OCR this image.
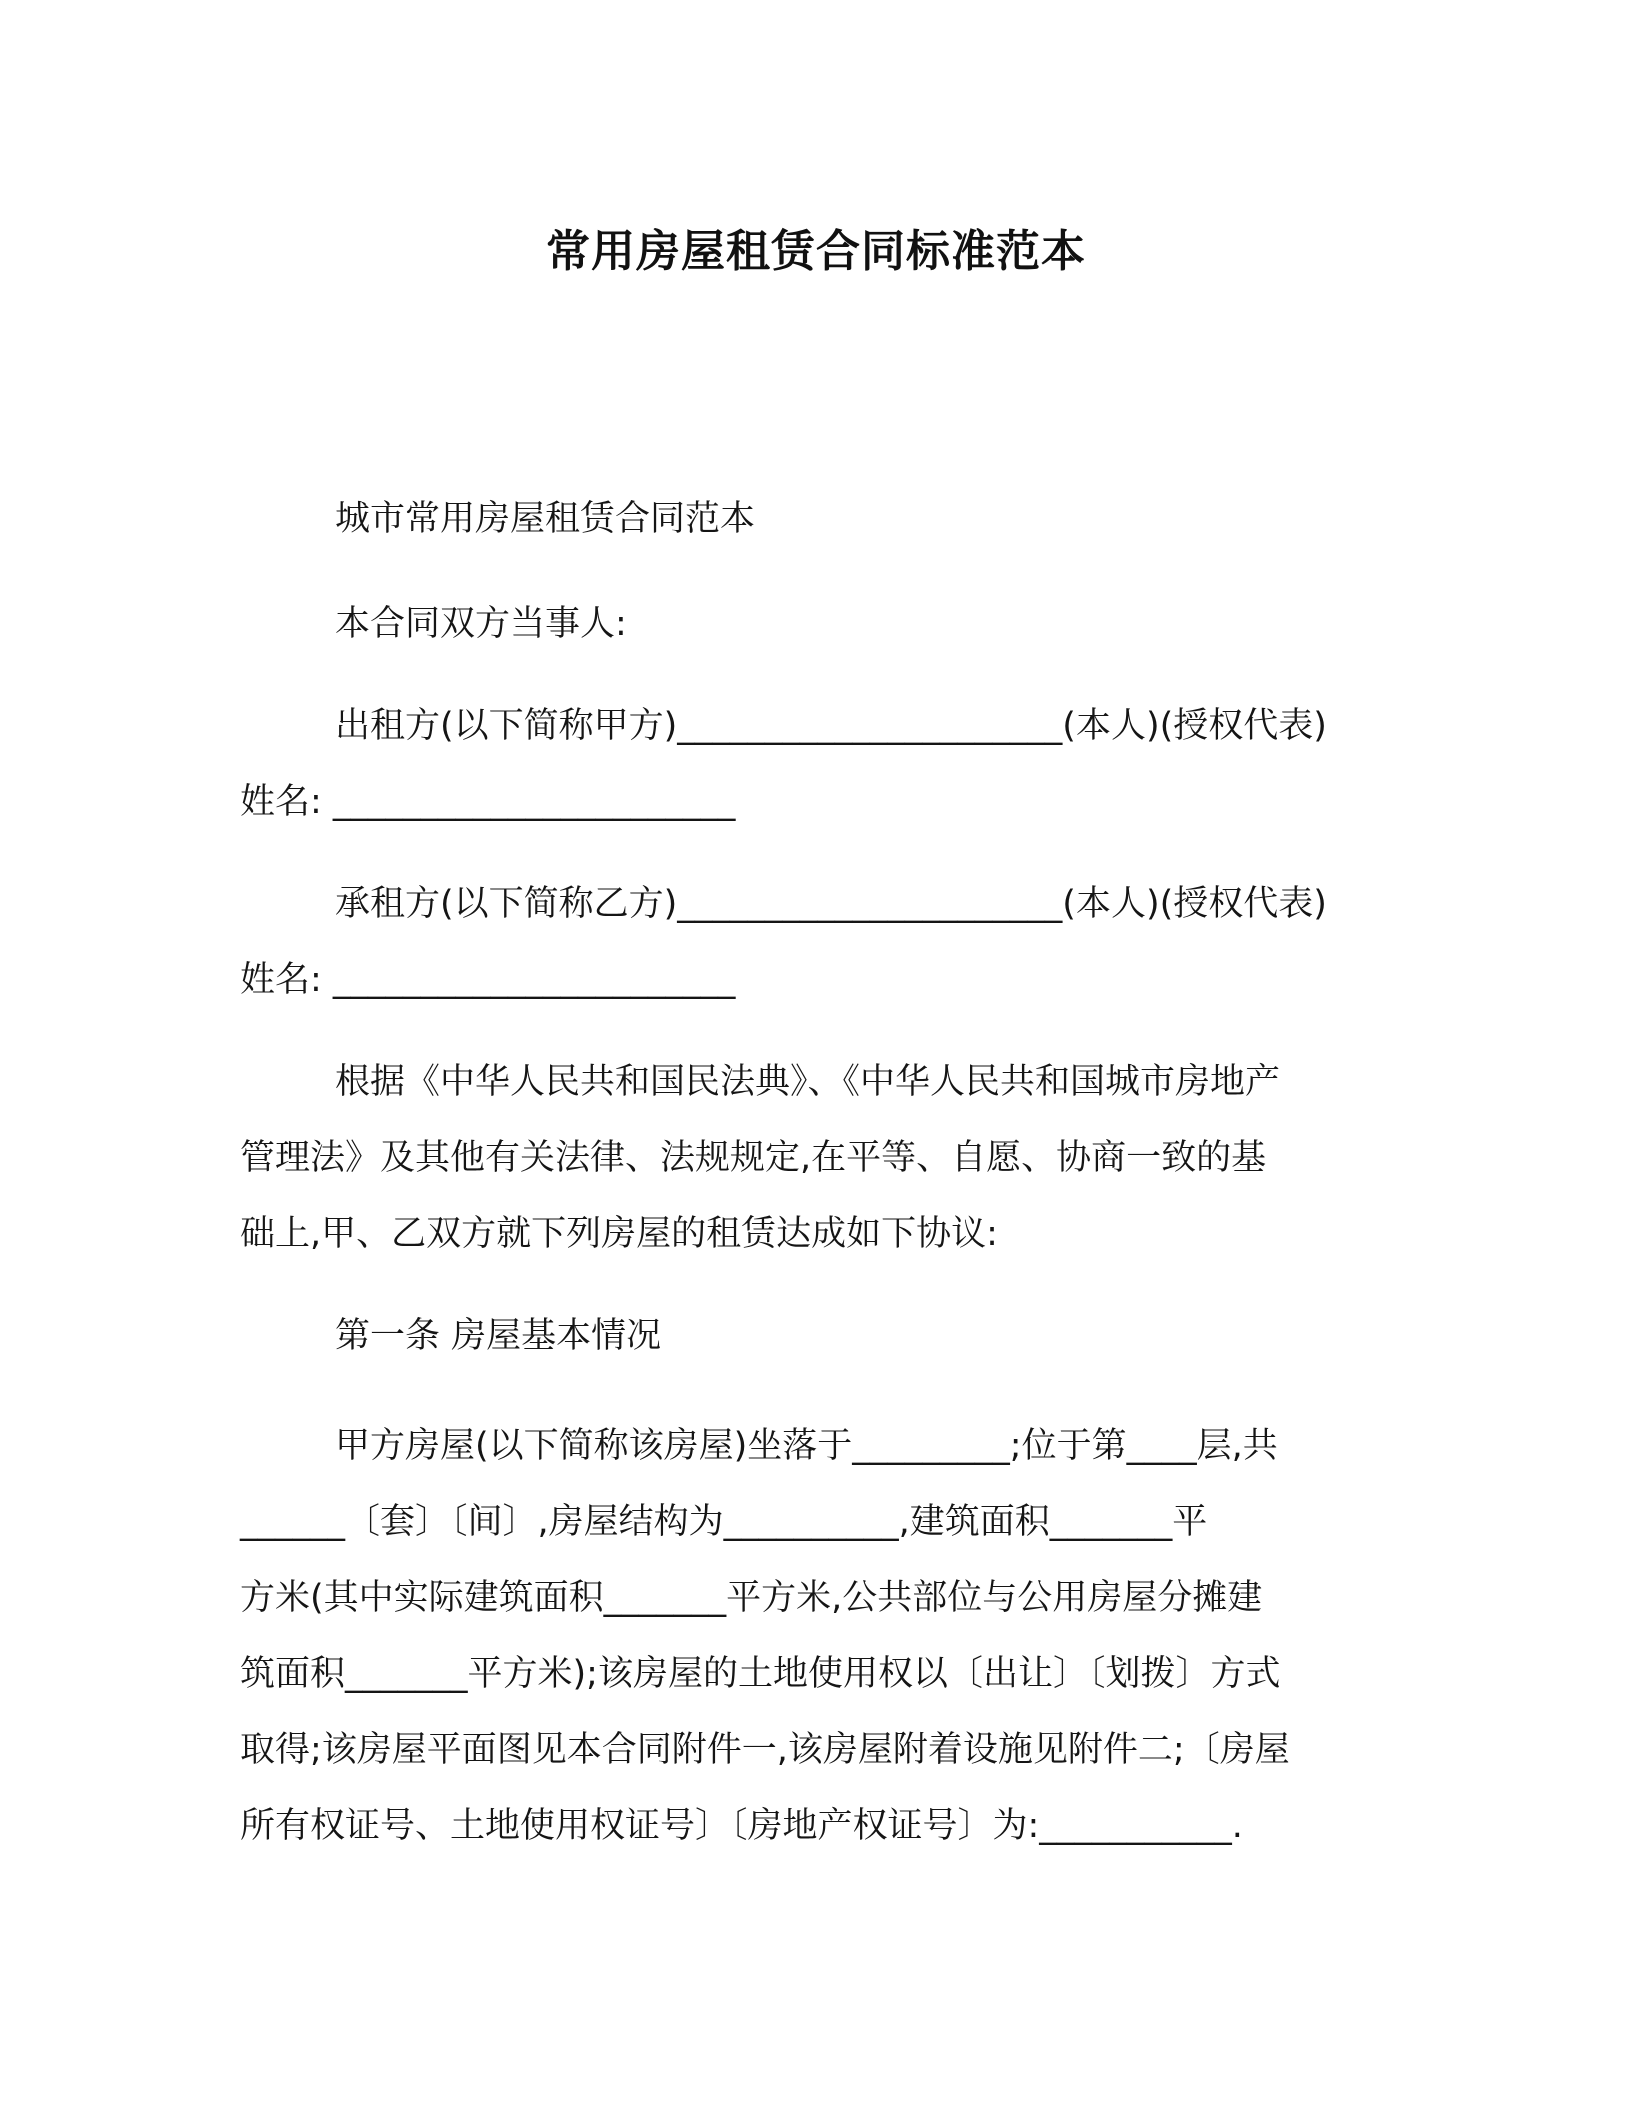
常用房屋租赁合同标准范本
城市常用房屋租赁合同范本
本合同双方当事人:
出租方(以下简称甲方)______________________(本人)(授权代表)
姓名: _______________________
承租方(以下简称乙方)______________________(本人)(授权代表)
姓名: _______________________
根据《中华人民共和国民法典》、《中华人民共和国城市房地产
管理法》及其他有关法律、法规规定,在平等、自愿、协商一致的基
础上,甲、乙双方就下列房屋的租赁达成如下协议:
第一条 房屋基本情况
甲方房屋(以下简称该房屋)坐落于_________;位于第____层,共
______〔套〕〔间〕,房屋结构为__________,建筑面积_______平
方米(其中实际建筑面积_______平方米,公共部位与公用房屋分摊建
筑面积_______平方米);该房屋的土地使用权以〔出让〕〔划拨〕方式
取得;该房屋平面图见本合同附件一,该房屋附着设施见附件二;〔房屋
所有权证号、土地使用权证号〕〔房地产权证号〕为:___________.
